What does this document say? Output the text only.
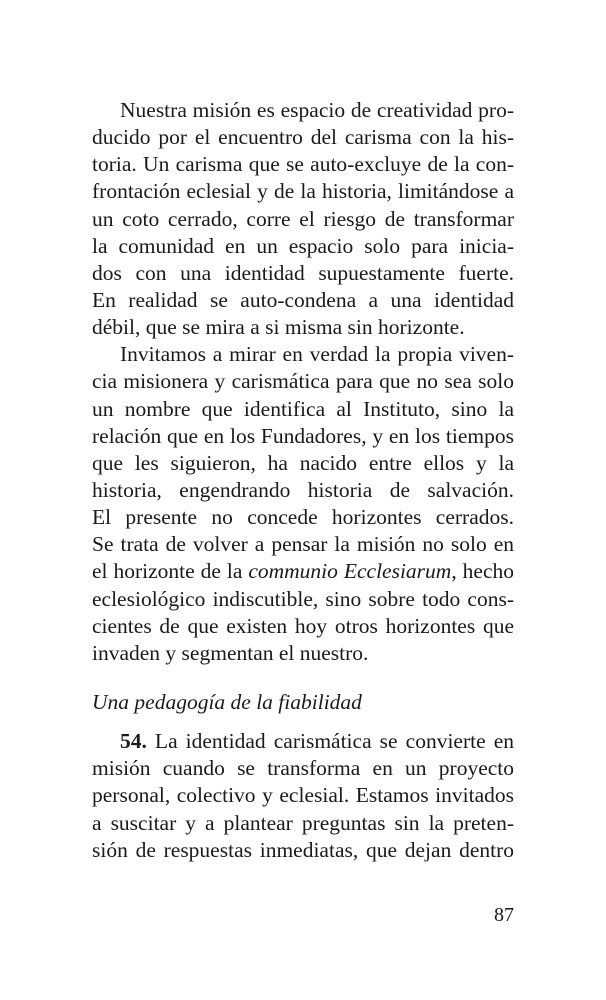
Nuestra misión es espacio de creatividad pro-
ducido por el encuentro del carisma con la his-
toria. Un carisma que se auto-excluye de la con-
frontación eclesial y de la historia, limitándose a
un coto cerrado, corre el riesgo de transformar
la comunidad en un espacio solo para inicia-
dos con una identidad supuestamente fuerte.
En realidad se auto-condena a una identidad
débil, que se mira a si misma sin horizonte.
Invitamos a mirar en verdad la propia viven-
cia misionera y carismática para que no sea solo
un nombre que identifica al Instituto, sino la
relación que en los Fundadores, y en los tiempos
que les siguieron, ha nacido entre ellos y la
historia, engendrando historia de salvación.
El presente no concede horizontes cerrados.
Se trata de volver a pensar la misión no solo en
el horizonte de la communio Ecclesiarum, hecho
eclesiológico indiscutible, sino sobre todo cons-
cientes de que existen hoy otros horizontes que
invaden y segmentan el nuestro.
Una pedagogía de la fiabilidad
54. La identidad carismática se convierte en
misión cuando se transforma en un proyecto
personal, colectivo y eclesial. Estamos invitados
a suscitar y a plantear preguntas sin la preten-
sión de respuestas inmediatas, que dejan dentro
87
